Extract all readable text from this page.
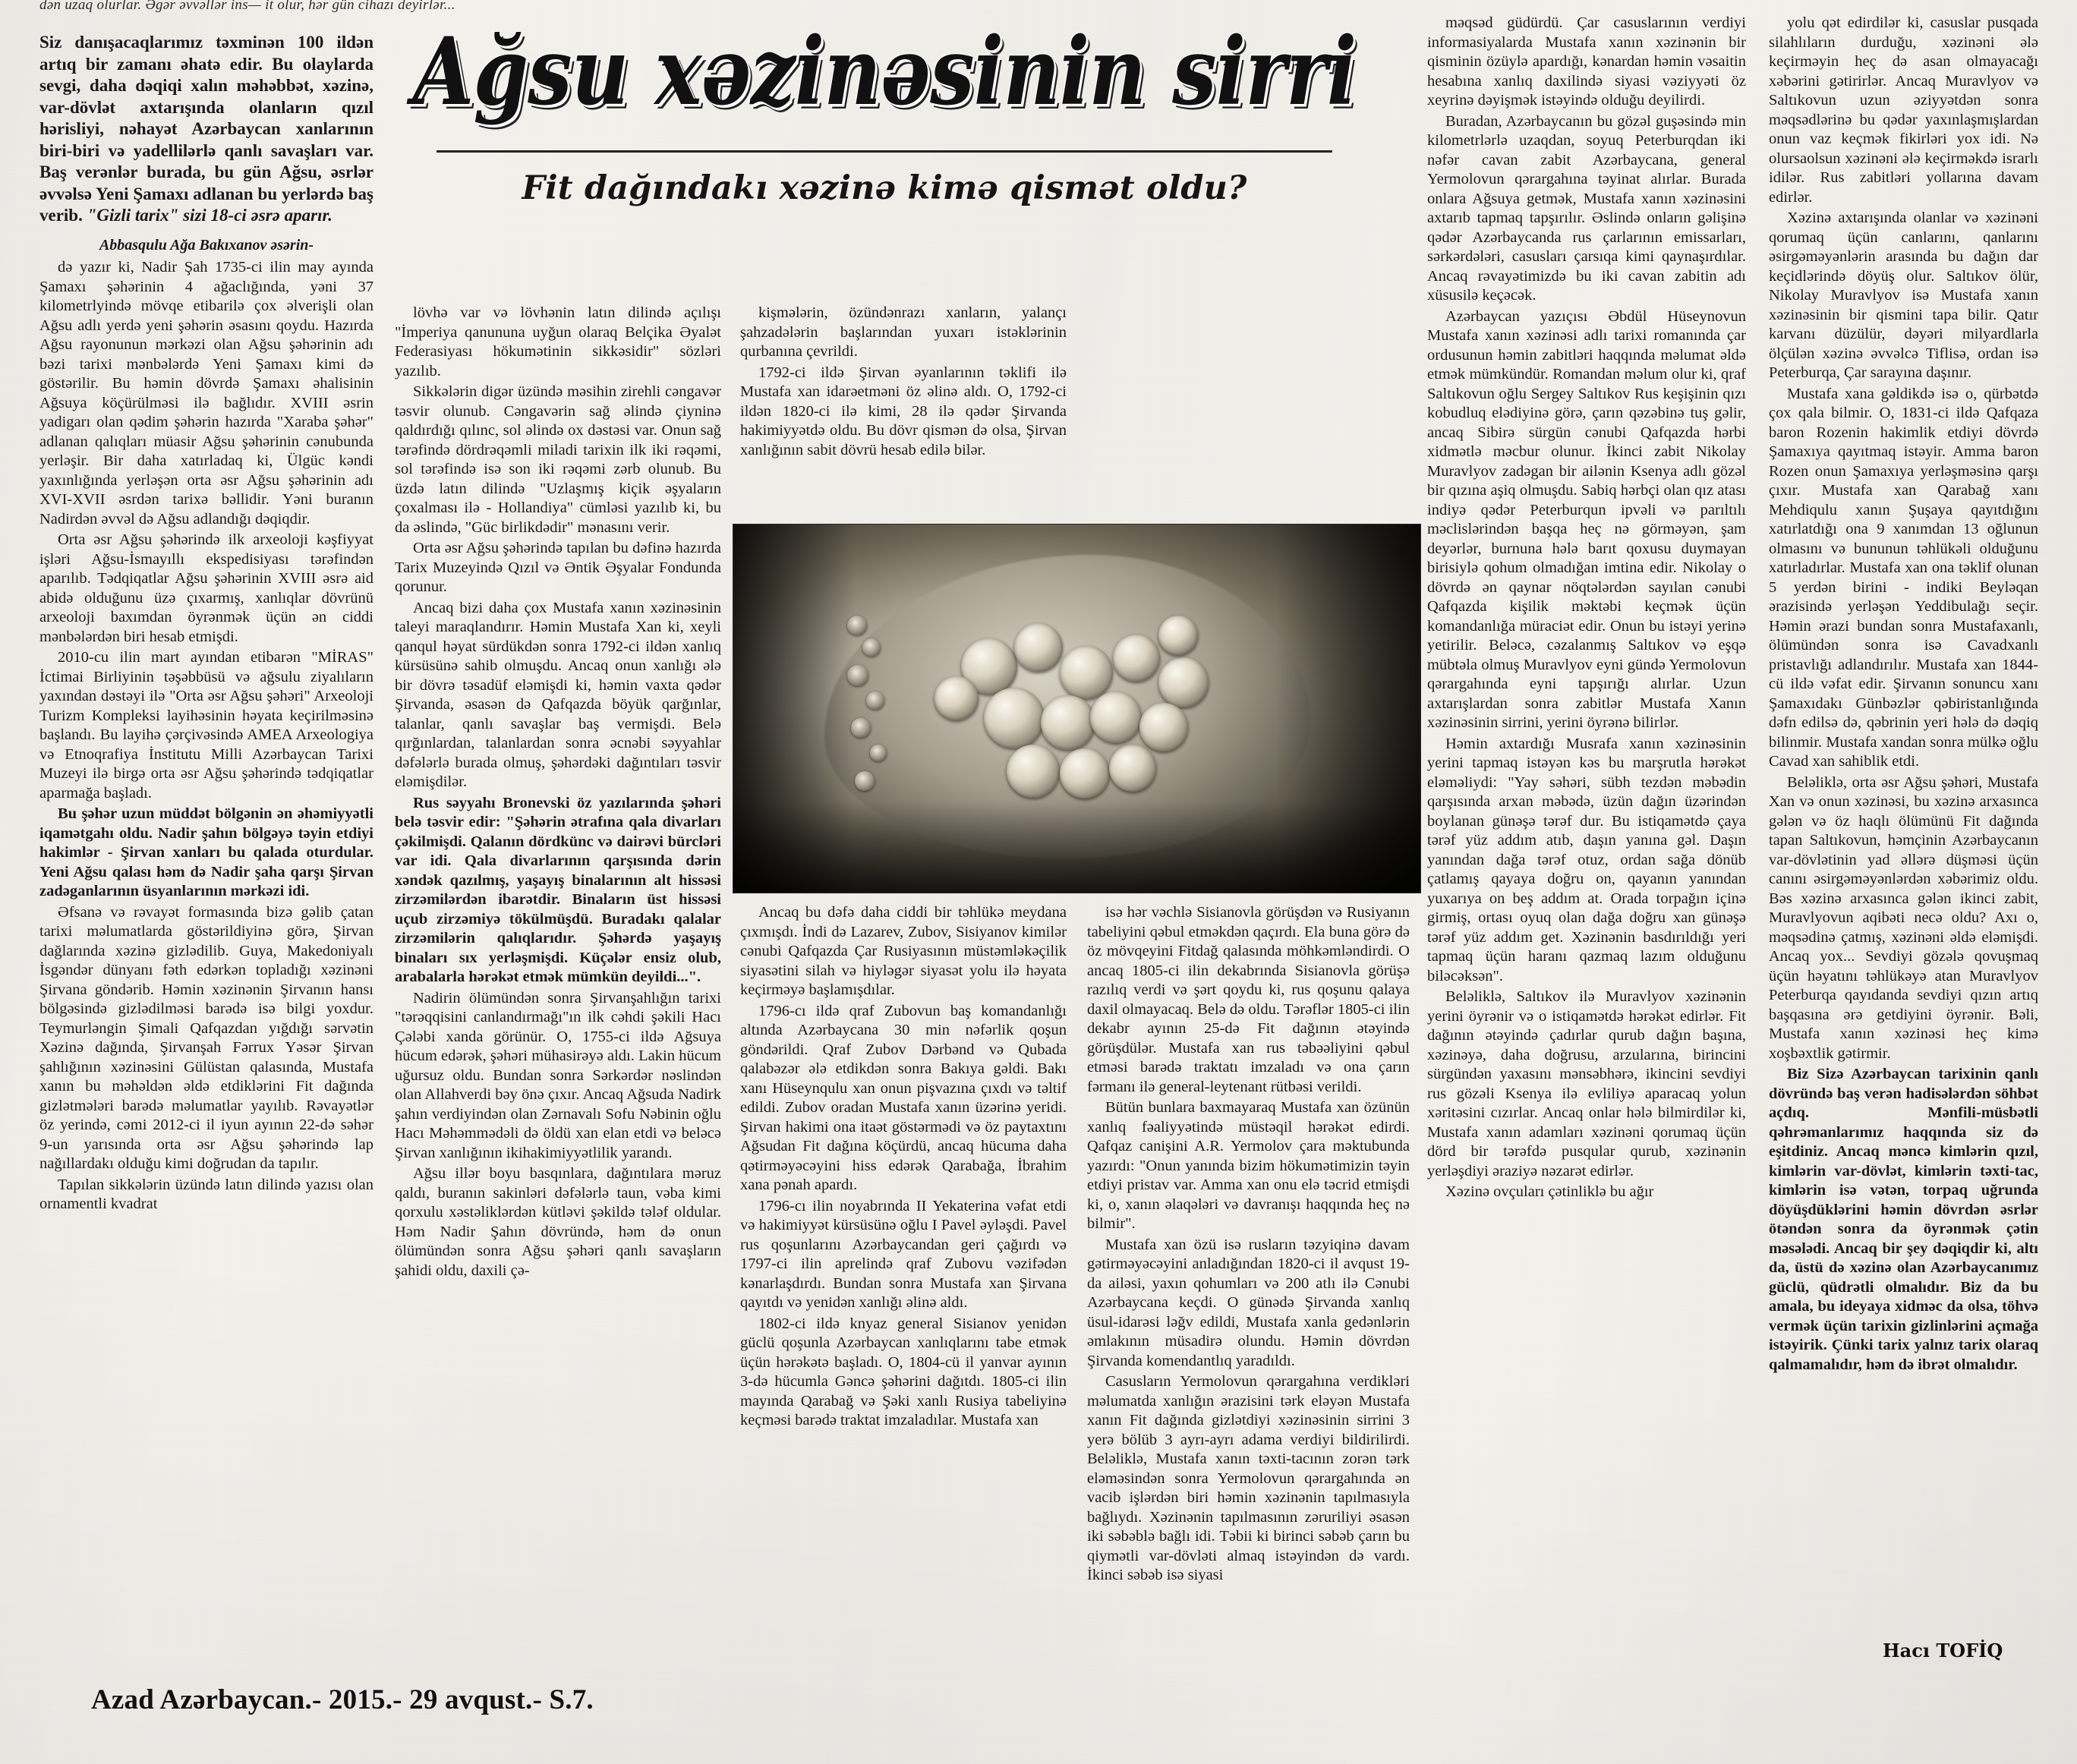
dən uzaq olurlar. Əgər əvvəllər ins— it olur, hər gün cihazı deyirlər...
Ağsu xəzinəsinin sirri
Fit dağındakı xəzinə kimə qismət oldu?
Siz danışacaqlarımız təxminən 100 ildən artıq bir zamanı əhatə edir. Bu olaylarda sevgi, daha dəqiqi xalın məhəbbət, xəzinə, var-dövlət axtarışında olanların qızıl hərisliyi, nəhayət Azərbaycan xanlarının biri-biri və yadellilərlə qanlı savaşları var. Baş verənlər burada, bu gün Ağsu, əsrlər əvvəlsə Yeni Şamaxı adlanan bu yerlərdə baş verib. "Gizli tarix" sizi 18-ci əsrə aparır.
Abbasqulu Ağa Bakıxanov əsərin-

də yazır ki, Nadir Şah 1735-ci ilin may ayında Şamaxı şəhərinin 4 ağaclığında, yəni 37 kilometrlyində mövqe etibarilə çox əlverişli olan Ağsu adlı yerdə yeni şəhərin əsasını qoydu. Hazırda Ağsu rayonunun mərkəzi olan Ağsu şəhərinin adı bəzi tarixi mənbələrdə Yeni Şamaxı kimi də göstərilir. Bu həmin dövrdə Şamaxı əhalisinin Ağsuya köçürülməsi ilə bağlıdır. XVIII əsrin yadigarı olan qədim şəhərin hazırda "Xaraba şəhər" adlanan qalıqları müasir Ağsu şəhərinin cənubunda yerləşir. Bir daha xatırladaq ki, Ülgüc kəndi yaxınlığında yerləşən orta əsr Ağsu şəhərinin adı XVI-XVII əsrdən tarixə bəllidir. Yəni buranın Nadirdən əvvəl də Ağsu adlandığı dəqiqdir.

Orta əsr Ağsu şəhərində ilk arxeoloji kəşfiyyat işləri Ağsu-İsmayıllı ekspedisiyası tərəfindən aparılıb. Tədqiqatlar Ağsu şəhərinin XVIII əsrə aid abidə olduğunu üzə çıxarmış, xanlıqlar dövrünü arxeoloji baxımdan öyrənmək üçün ən ciddi mənbələrdən biri hesab etmişdi.

2010-cu ilin mart ayından etibarən "MİRAS" İctimai Birliyinin təşəbbüsü və ağsulu ziyalıların yaxından dəstəyi ilə "Orta əsr Ağsu şəhəri" Arxeoloji Turizm Kompleksi layihəsinin həyata keçirilməsinə başlandı. Bu layihə çərçivəsində AMEA Arxeologiya və Etnoqrafiya İnstitutu Milli Azərbaycan Tarixi Muzeyi ilə birgə orta əsr Ağsu şəhərində tədqiqatlar aparmağa başladı.

Bu şəhər uzun müddət bölgənin ən əhəmiyyətli iqamətgahı oldu. Nadir şahın bölgəyə təyin etdiyi hakimlər - Şirvan xanları bu qalada oturdular. Yeni Ağsu qalası həm də Nadir şaha qarşı Şirvan zadəganlarının üsyanlarının mərkəzi idi.

Əfsanə və rəvayət formasında bizə gəlib çatan tarixi məlumatlarda göstərildiyinə görə, Şirvan dağlarında xəzinə gizlədilib. Guya, Makedoniyalı İsgəndər dünyanı fəth edərkən topladığı xəzinəni Şirvana göndərib. Həmin xəzinənin Şirvanın hansı bölgəsində gizlədilməsi barədə isə bilgi yoxdur. Teymurləngin Şimali Qafqazdan yığdığı sərvətin Xəzinə dağında, Şirvanşah Fərrux Yəsər Şirvan şahlığının xəzinəsini Gülüstan qalasında, Mustafa xanın bu məhəldən əldə etdiklərini Fit dağında gizlətmələri barədə məlumatlar yayılıb. Rəvayətlər öz yerində, cəmi 2012-ci il iyun ayının 22-də səhər 9-un yarısında orta əsr Ağsu şəhərində lap nağıllardakı olduğu kimi doğrudan da tapılır.

Tapılan sikkələrin üzündə latın dilində yazısı olan ornamentli kvadrat

lövhə var və lövhənin latın dilində açılışı "İmperiya qanununa uyğun olaraq Belçika Əyalət Federasiyası hökumətinin sikkəsidir" sözləri yazılıb.

Sikkələrin digər üzündə məsihin zirehli cəngavər təsvir olunub. Cəngavərin sağ əlində çiyninə qaldırdığı qılınc, sol əlində ox dəstəsi var. Onun sağ tərəfində dördrəqəmli miladi tarixin ilk iki rəqəmi, sol tərəfində isə son iki rəqəmi zərb olunub. Bu üzdə latın dilində "Uzlaşmış kiçik əşyaların çoxalması ilə - Hollandiya" cümləsi yazılıb ki, bu da əslində, "Güc birlikdədir" mənasını verir.

Orta əsr Ağsu şəhərində tapılan bu dəfinə hazırda Tarix Muzeyində Qızıl və Əntik Əşyalar Fondunda qorunur.

Ancaq bizi daha çox Mustafa xanın xəzinəsinin taleyi maraqlandırır. Həmin Mustafa Xan ki, xeyli qanqul həyat sürdükdən sonra 1792-ci ildən xanlıq kürsüsünə sahib olmuşdu. Ancaq onun xanlığı ələ bir dövrə təsadüf eləmişdi ki, həmin vaxta qədər Şirvanda, əsasən də Qafqazda böyük qarğınlar, talanlar, qanlı savaşlar baş vermişdi. Belə qırğınlardan, talanlardan sonra əcnəbi səyyahlar dəfələrlə burada olmuş, şəhərdəki dağıntıları təsvir eləmişdilər.

Rus səyyahı Bronevski öz yazılarında şəhəri belə təsvir edir: "Şəhərin ətrafına qala divarları çəkilmişdi. Qalanın dördkünc və dairəvi bürcləri var idi. Qala divarlarının qarşısında dərin xəndək qazılmış, yaşayış binalarının alt hissəsi zirzəmilərdən ibarətdir. Binaların üst hissəsi uçub zirzəmiyə tökülmüşdü. Buradakı qalalar zirzəmilərin qalıqlarıdır. Şəhərdə yaşayış binaları sıx yerləşmişdi. Küçələr ensiz olub, arabalarla hərəkət etmək mümkün deyildi...".

Nadirin ölümündən sonra Şirvanşahlığın tarixi "tərəqqisini canlandırmağı"ın ilk cəhdi şəkili Hacı Çələbi xanda görünür. O, 1755-ci ildə Ağsuya hücum edərək, şəhəri mühasirəyə aldı. Lakin hücum uğursuz oldu. Bundan sonra Sərkərdər nəslindən olan Allahverdi bəy önə çıxır. Ancaq Ağsuda Nadirk şahın verdiyindən olan Zərnavalı Sofu Nəbinin oğlu Hacı Məhəmmədəli də öldü xan elan etdi və beləcə Şirvan xanlığının ikihakimiyyətlilik yarandı.

Ağsu illər boyu basqınlara, dağıntılara məruz qaldı, buranın sakinləri dəfələrlə taun, vəba kimi qorxulu xəstəliklərdən kütləvi şəkildə tələf oldular. Həm Nadir Şahın dövründə, həm də onun ölümündən sonra Ağsu şəhəri qanlı savaşların şahidi oldu, daxili çə-

kişmələrin, özündənrazı xanların, yalançı şahzadələrin başlarından yuxarı istəklərinin qurbanına çevrildi.

1792-ci ildə Şirvan əyanlarının təklifi ilə Mustafa xan idarəetməni öz əlinə aldı. O, 1792-ci ildən 1820-ci ilə kimi, 28 ilə qədər Şirvanda hakimiyyətdə oldu. Bu dövr qismən də olsa, Şirvan xanlığının sabit dövrü hesab edilə bilər.

Ancaq bu dəfə daha ciddi bir təhlükə meydana çıxmışdı. İndi də Lazarev, Zubov, Sisiyanov kimilər cənubi Qafqazda Çar Rusiyasının müstəmləkəçilik siyasətini silah və hiyləgər siyasət yolu ilə həyata keçirməyə başlamışdılar.

1796-cı ildə qraf Zubovun baş komandanlığı altında Azərbaycana 30 min nəfərlik qoşun göndərildi. Qraf Zubov Dərbənd və Qubada qalabəzər ələ etdikdən sonra Bakıya gəldi. Bakı xanı Hüseynqulu xan onun pişvazına çıxdı və təltif edildi. Zubov oradan Mustafa xanın üzərinə yeridi. Şirvan hakimi ona itaət göstərmədi və öz paytaxtını Ağsudan Fit dağına köçürdü, ancaq hücuma daha qətirməyəcəyini hiss edərək Qarabağa, İbrahim xana pənah apardı.

1796-cı ilin noyabrında II Yekaterina vəfat etdi və hakimiyyət kürsüsünə oğlu I Pavel əyləşdi. Pavel rus qoşunlarını Azərbaycandan geri çağırdı və 1797-ci ilin aprelində qraf Zubovu vəzifədən kənarlaşdırdı. Bundan sonra Mustafa xan Şirvana qayıtdı və yenidən xanlığı əlinə aldı.

1802-ci ildə knyaz general Sisianov yenidən güclü qoşunla Azərbaycan xanlıqlarını tabe etmək üçün hərəkətə başladı. O, 1804-cü il yanvar ayının 3-də hücumla Gəncə şəhərini dağıtdı. 1805-ci ilin mayında Qarabağ və Şəki xanlı Rusiya tabeliyinə keçməsi barədə traktat imzaladılar. Mustafa xan

isə hər vəchlə Sisianovla görüşdən və Rusiyanın tabeliyini qəbul etməkdən qaçırdı. Ela buna görə də öz mövqeyini Fitdağ qalasında möhkəmləndirdi. O ancaq 1805-ci ilin dekabrında Sisianovla görüşə razılıq verdi və şərt qoydu ki, rus qoşunu qalaya daxil olmayacaq. Belə də oldu. Tərəflər 1805-ci ilin dekabr ayının 25-də Fit dağının ətəyində görüşdülər. Mustafa xan rus təbəəliyini qəbul etməsi barədə traktatı imzaladı və ona çarın fərmanı ilə general-leytenant rütbəsi verildi.

Bütün bunlara baxmayaraq Mustafa xan özünün xanlıq fəaliyyətində müstəqil hərəkət edirdi. Qafqaz canişini A.R. Yermolov çara məktubunda yazırdı: "Onun yanında bizim hökumətimizin təyin etdiyi pristav var. Amma xan onu elə təcrid etmişdi ki, o, xanın əlaqələri və davranışı haqqında heç nə bilmir".

Mustafa xan özü isə rusların təzyiqinə davam gətirməyəcəyini anladığından 1820-ci il avqust 19-da ailəsi, yaxın qohumları və 200 atlı ilə Cənubi Azərbaycana keçdi. O günədə Şirvanda xanlıq üsul-idarəsi ləğv edildi, Mustafa xanla gedənlərin əmlakının müsadirə olundu. Həmin dövrdən Şirvanda komendantlıq yaradıldı.

Casusların Yermolovun qərargahına verdikləri məlumatda xanlığın ərazisini tərk eləyən Mustafa xanın Fit dağında gizlətdiyi xəzinəsinin sirrini 3 yerə bölüb 3 ayrı-ayrı adama verdiyi bildirilirdi. Beləliklə, Mustafa xanın təxti-tacının zorən tərk eləməsindən sonra Yermolovun qərargahında ən vacib işlərdən biri həmin xəzinənin tapılmasıyla bağlıydı. Xəzinənin tapılmasının zəruriliyi əsasən iki səbəblə bağlı idi. Təbii ki birinci səbəb çarın bu qiymətli var-dövləti almaq istəyindən də vardı. İkinci səbəb isə siyasi

məqsəd güdürdü. Çar casuslarının verdiyi informasiyalarda Mustafa xanın xəzinənin bir qisminin özüylə apardığı, kənardan həmin vəsaitin hesabına xanlıq daxilində siyasi vəziyyəti öz xeyrinə dəyişmək istəyində olduğu deyilirdi.

Buradan, Azərbaycanın bu gözəl guşəsində min kilometrlərlə uzaqdan, soyuq Peterburqdan iki nəfər cavan zabit Azərbaycana, general Yermolovun qərargahına təyinat alırlar. Burada onlara Ağsuya getmək, Mustafa xanın xəzinəsini axtarıb tapmaq tapşırılır. Əslində onların gəlişinə qədər Azərbaycanda rus çarlarının emissarları, sərkərdələri, casusları çarsıqa kimi qaynaşırdılar. Ancaq rəvayətimizdə bu iki cavan zabitin adı xüsusilə keçəcək.

Azərbaycan yazıçısı Əbdül Hüseynovun Mustafa xanın xəzinəsi adlı tarixi romanında çar ordusunun həmin zabitləri haqqında məlumat əldə etmək mümkündür. Romandan məlum olur ki, qraf Saltıkovun oğlu Sergey Saltıkov Rus keşişinin qızı kobudluq elədiyinə görə, çarın qəzəbinə tuş gəlir, ancaq Sibirə sürgün cənubi Qafqazda hərbi xidmətlə məcbur olunur. İkinci zabit Nikolay Muravlyov zadəgan bir ailənin Ksenya adlı gözəl bir qızına aşiq olmuşdu. Sabiq hərbçi olan qız atası indiyə qədər Peterburqun ipvəli və parıltılı məclislərindən başqa heç nə görməyən, şam deyərlər, burnuna hələ barıt qoxusu duymayan birisiylə qohum olmadığan imtina edir. Nikolay o dövrdə ən qaynar nöqtələrdən sayılan cənubi Qafqazda kişilik məktəbi keçmək üçün komandanlığa müraciət edir. Onun bu istəyi yerinə yetirilir. Beləcə, cəzalanmış Saltıkov və eşqə mübtəla olmuş Muravlyov eyni gündə Yermolovun qərargahında eyni tapşırığı alırlar. Uzun axtarışlardan sonra zabitlər Mustafa Xanın xəzinəsinin sirrini, yerini öyrənə bilirlər.

Həmin axtardığı Musrafa xanın xəzinəsinin yerini tapmaq istəyən kəs bu marşrutla hərəkət eləməliydi: "Yay səhəri, sübh tezdən məbədin qarşısında arxan məbədə, üzün dağın üzərindən boylanan günəşə tərəf dur. Bu istiqamətdə çaya tərəf yüz addım atıb, daşın yanına gəl. Daşın yanından dağa tərəf otuz, ordan sağa dönüb çatlamış qayaya doğru on, qayanın yanından yuxarıya on beş addım at. Orada torpağın içinə girmiş, ortası oyuq olan dağa doğru xan günəşə tərəf yüz addım get. Xəzinənin basdırıldığı yeri tapmaq üçün haranı qazmaq lazım olduğunu biləcəksən".

Beləliklə, Saltıkov ilə Muravlyov xəzinənin yerini öyrənir və o istiqamətdə hərəkət edirlər. Fit dağının ətəyində çadırlar qurub dağın başına, xəzinəyə, daha doğrusu, arzularına, birincini sürgündən yaxasını mənsəbhərə, ikincini sevdiyi rus gözəli Ksenya ilə evliliyə aparacaq yolun xəritəsini cızırlar. Ancaq onlar hələ bilmirdilər ki, Mustafa xanın adamları xəzinəni qorumaq üçün dörd bir tərəfdə pusqular qurub, xəzinənin yerləşdiyi əraziyə nəzarət edirlər.

Xəzinə ovçuları çətinliklə bu ağır

yolu qət edirdilər ki, casuslar pusqada silahlıların durduğu, xəzinəni ələ keçirməyin heç də asan olmayacağı xəbərini gətirirlər. Ancaq Muravlyov və Saltıkovun uzun əziyyətdən sonra məqsədlərinə bu qədər yaxınlaşmışlardan onun vaz keçmək fikirləri yox idi. Nə olursaolsun xəzinəni ələ keçirməkdə israrlı idilər. Rus zabitləri yollarına davam edirlər.

Xəzinə axtarışında olanlar və xəzinəni qorumaq üçün canlarını, qanlarını əsirgəməyənlərin arasında bu dağın dar keçidlərində döyüş olur. Saltıkov ölür, Nikolay Muravlyov isə Mustafa xanın xəzinəsinin bir qismini tapa bilir. Qatır karvanı düzülür, dəyəri milyardlarla ölçülən xəzinə əvvəlcə Tiflisə, ordan isə Peterburqa, Çar sarayına daşınır.

Mustafa xana gəldikdə isə o, qürbətdə çox qala bilmir. O, 1831-ci ildə Qafqaza baron Rozenin hakimlik etdiyi dövrdə Şamaxıya qayıtmaq istəyir. Amma baron Rozen onun Şamaxıya yerləşməsinə qarşı çıxır. Mustafa xan Qarabağ xanı Mehdiqulu xanın Şuşaya qayıtdığını xatırlatdığı ona 9 xanımdan 13 oğlunun olmasını və bununun təhlükəli olduğunu xatırladırlar. Mustafa xan ona təklif olunan 5 yerdən birini - indiki Beyləqan ərazisində yerləşən Yeddibulağı seçir. Həmin ərazi bundan sonra Mustafaxanlı, ölümündən sonra isə Cavadxanlı pristavlığı adlandırılır. Mustafa xan 1844-cü ildə vəfat edir. Şirvanın sonuncu xanı Şamaxıdakı Günbəzlər qəbiristanlığında dəfn edilsə də, qəbrinin yeri hələ də dəqiq bilinmir. Mustafa xandan sonra mülkə oğlu Cavad xan sahiblik etdi.

Beləliklə, orta əsr Ağsu şəhəri, Mustafa Xan və onun xəzinəsi, bu xəzinə arxasınca gələn və öz haqlı ölümünü Fit dağında tapan Saltıkovun, həmçinin Azərbaycanın var-dövlətinin yad əllərə düşməsi üçün canını əsirgəməyənlərdən xəbərimiz oldu. Bəs xəzinə arxasınca gələn ikinci zabit, Muravlyovun aqibəti necə oldu? Axı o, məqsədinə çatmış, xəzinəni əldə eləmişdi. Ancaq yox... Sevdiyi gözələ qovuşmaq üçün həyatını təhlükəyə atan Muravlyov Peterburqa qayıdanda sevdiyi qızın artıq başqasına ərə getdiyini öyrənir. Bəli, Mustafa xanın xəzinəsi heç kimə xoşbəxtlik gətirmir.

Biz Sizə Azərbaycan tarixinin qanlı dövründə baş verən hadisələrdən söhbət açdıq. Mənfili-müsbətli qəhrəmanlarımız haqqında siz də eşitdiniz. Ancaq məncə kimlərin qızıl, kimlərin var-dövlət, kimlərin təxti-tac, kimlərin isə vətən, torpaq uğrunda döyüşdüklərini həmin dövrdən əsrlər ötəndən sonra da öyrənmək çətin məsələdi. Ancaq bir şey dəqiqdir ki, altı da, üstü də xəzinə olan Azərbaycanımız güclü, qüdrətli olmalıdır. Biz da bu amala, bu ideyaya xidməc da olsa, töhvə vermək üçün tarixin gizlinlərini açmağa istəyirik. Çünki tarix yalnız tarix olaraq qalmamalıdır, həm də ibrət olmalıdır.

Hacı TOFİQ
Azad Azərbaycan.- 2015.- 29 avqust.- S.7.
